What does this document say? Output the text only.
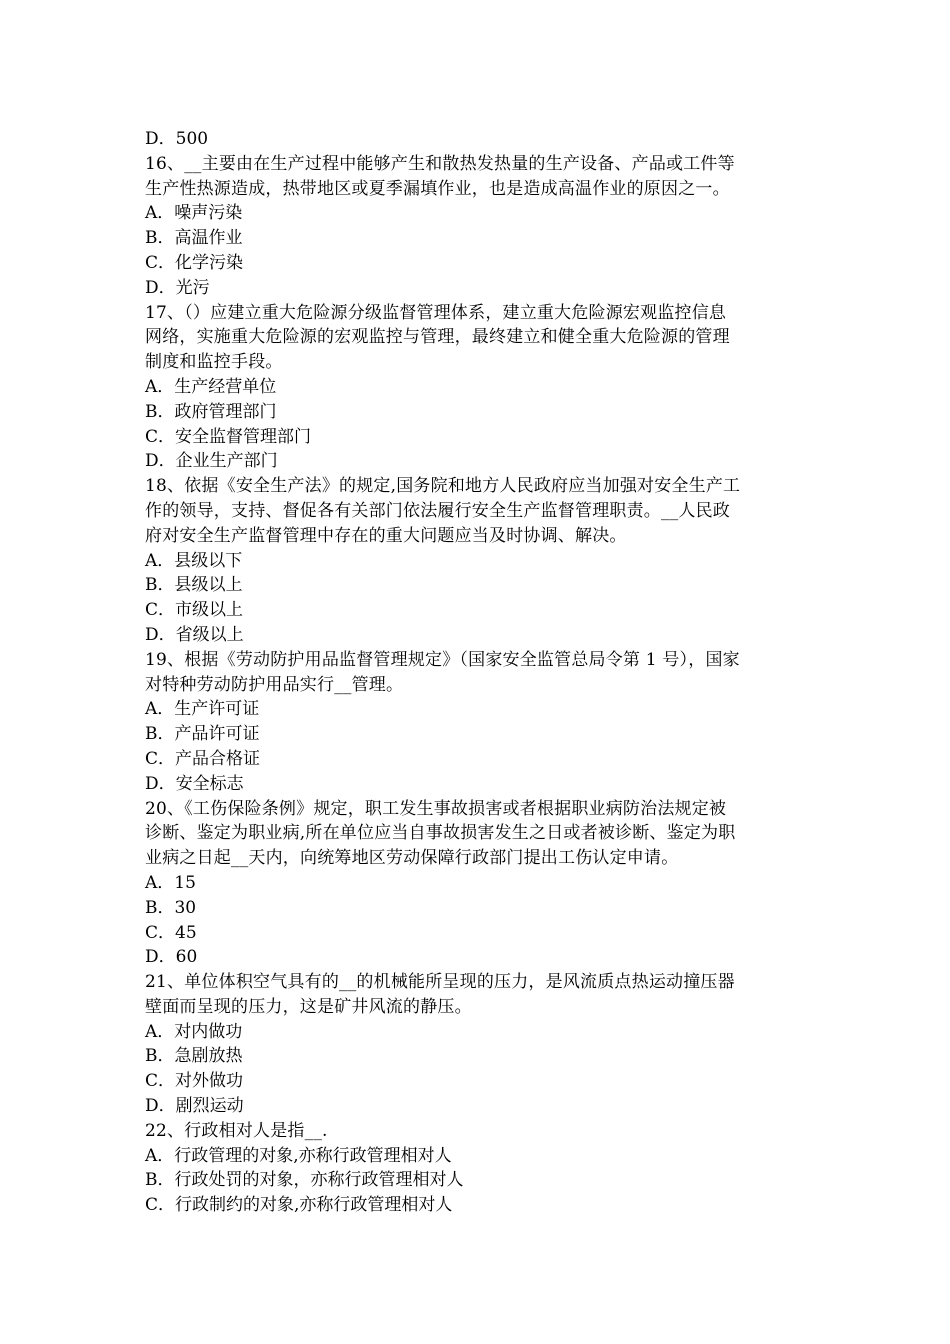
D．500
16、__主要由在生产过程中能够产生和散热发热量的生产设备、产品或工件等
生产性热源造成，热带地区或夏季漏填作业，也是造成高温作业的原因之一。
A．噪声污染
B．高温作业
C．化学污染
D．光污
17、（）应建立重大危险源分级监督管理体系，建立重大危险源宏观监控信息
网络，实施重大危险源的宏观监控与管理，最终建立和健全重大危险源的管理
制度和监控手段。
A．生产经营单位
B．政府管理部门
C．安全监督管理部门
D．企业生产部门
18、依据《安全生产法》的规定,国务院和地方人民政府应当加强对安全生产工
作的领导，支持、督促各有关部门依法履行安全生产监督管理职责。__人民政
府对安全生产监督管理中存在的重大问题应当及时协调、解决。
A．县级以下
B．县级以上
C．市级以上
D．省级以上
19、根据《劳动防护用品监督管理规定》（国家安全监管总局令第 1 号），国家
对特种劳动防护用品实行__管理。
A．生产许可证
B．产品许可证
C．产品合格证
D．安全标志
20、《工伤保险条例》规定，职工发生事故损害或者根据职业病防治法规定被
诊断、鉴定为职业病,所在单位应当自事故损害发生之日或者被诊断、鉴定为职
业病之日起__天内，向统筹地区劳动保障行政部门提出工伤认定申请。
A．15
B．30
C．45
D．60
21、单位体积空气具有的__的机械能所呈现的压力，是风流质点热运动撞压器
壁面而呈现的压力，这是矿井风流的静压。
A．对内做功
B．急剧放热
C．对外做功
D．剧烈运动
22、行政相对人是指__.
A．行政管理的对象,亦称行政管理相对人
B．行政处罚的对象，亦称行政管理相对人
C．行政制约的对象,亦称行政管理相对人
